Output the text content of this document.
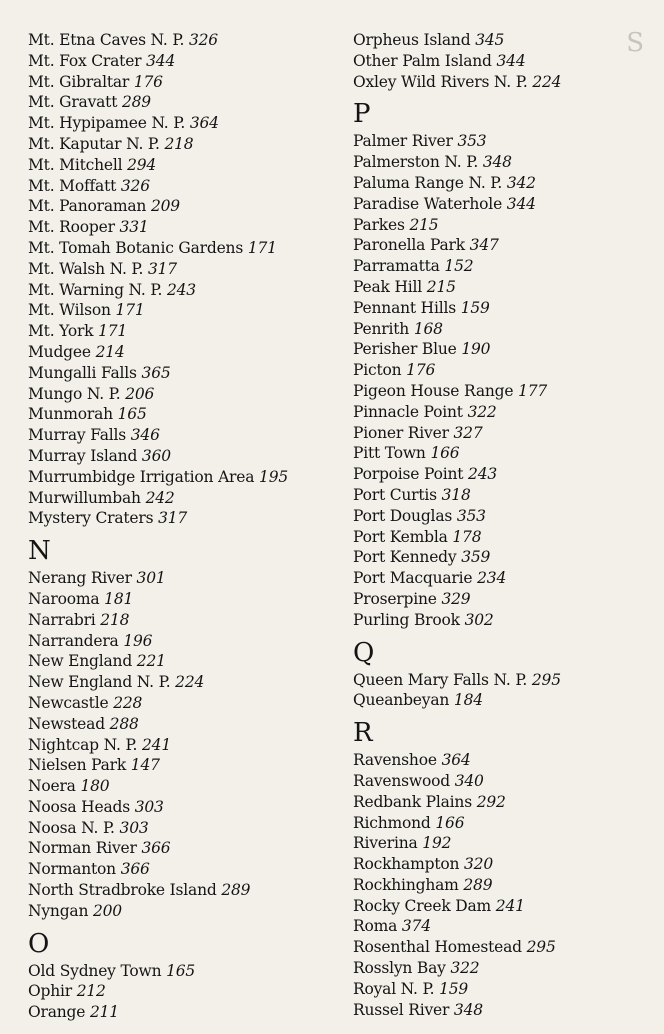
S
Mt. Etna Caves N. P. 326
Mt. Fox Crater 344
Mt. Gibraltar 176
Mt. Gravatt 289
Mt. Hypipamee N. P. 364
Mt. Kaputar N. P. 218
Mt. Mitchell 294
Mt. Moffatt 326
Mt. Panoraman 209
Mt. Rooper 331
Mt. Tomah Botanic Gardens 171
Mt. Walsh N. P. 317
Mt. Warning N. P. 243
Mt. Wilson 171
Mt. York 171
Mudgee 214
Mungalli Falls 365
Mungo N. P. 206
Munmorah 165
Murray Falls 346
Murray Island 360
Murrumbidge Irrigation Area 195
Murwillumbah 242
Mystery Craters 317
N
Nerang River 301
Narooma 181
Narrabri 218
Narrandera 196
New England 221
New England N. P. 224
Newcastle 228
Newstead 288
Nightcap N. P. 241
Nielsen Park 147
Noera 180
Noosa Heads 303
Noosa N. P. 303
Norman River 366
Normanton 366
North Stradbroke Island 289
Nyngan 200
O
Old Sydney Town 165
Ophir 212
Orange 211
Orpheus Island 345
Other Palm Island 344
Oxley Wild Rivers N. P. 224
P
Palmer River 353
Palmerston N. P. 348
Paluma Range N. P. 342
Paradise Waterhole 344
Parkes 215
Paronella Park 347
Parramatta 152
Peak Hill 215
Pennant Hills 159
Penrith 168
Perisher Blue 190
Picton 176
Pigeon House Range 177
Pinnacle Point 322
Pioner River 327
Pitt Town 166
Porpoise Point 243
Port Curtis 318
Port Douglas 353
Port Kembla 178
Port Kennedy 359
Port Macquarie 234
Proserpine 329
Purling Brook 302
Q
Queen Mary Falls N. P. 295
Queanbeyan 184
R
Ravenshoe 364
Ravenswood 340
Redbank Plains 292
Richmond 166
Riverina 192
Rockhampton 320
Rockhingham 289
Rocky Creek Dam 241
Roma 374
Rosenthal Homestead 295
Rosslyn Bay 322
Royal N. P. 159
Russel River 348
